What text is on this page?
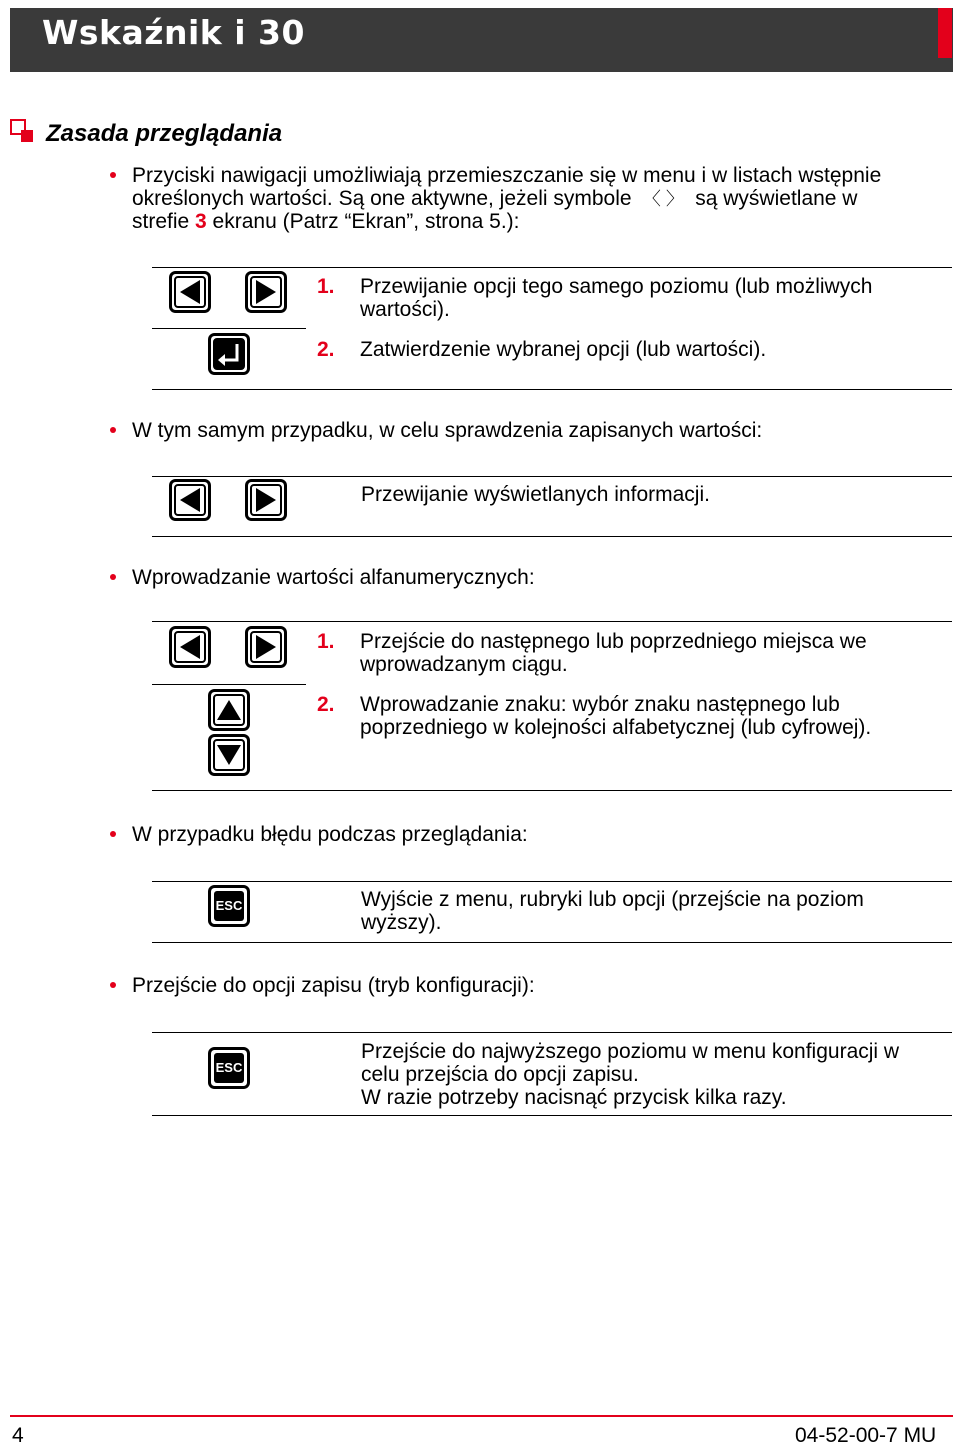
Wskaźnik i 30
Zasada przeglądania
Przyciski nawigacji umożliwiają przemieszczanie się w menu i w listach wstępnie
określonych wartości. Są one aktywne, jeżeli symbole 〈 〉 są wyświetlane w
strefie 3 ekranu (Patrz “Ekran”, strona 5.):
1. Przewijanie opcji tego samego poziomu (lub możliwych
wartości).
2. Zatwierdzenie wybranej opcji (lub wartości).
W tym samym przypadku, w celu sprawdzenia zapisanych wartości:
Przewijanie wyświetlanych informacji.
Wprowadzanie wartości alfanumerycznych:
1. Przejście do następnego lub poprzedniego miejsca we
wprowadzanym ciągu.
2. Wprowadzanie znaku: wybór znaku następnego lub
poprzedniego w kolejności alfabetycznej (lub cyfrowej).
W przypadku błędu podczas przeglądania:
ESC	Wyjście z menu, rubryki lub opcji (przejście na poziom
wyższy).
Przejście do opcji zapisu (tryb konfiguracji):
ESC
Przejście do najwyższego poziomu w menu konfiguracji w
celu przejścia do opcji zapisu.
W razie potrzeby nacisnąć przycisk kilka razy.
4	04-52-00-7 MU
